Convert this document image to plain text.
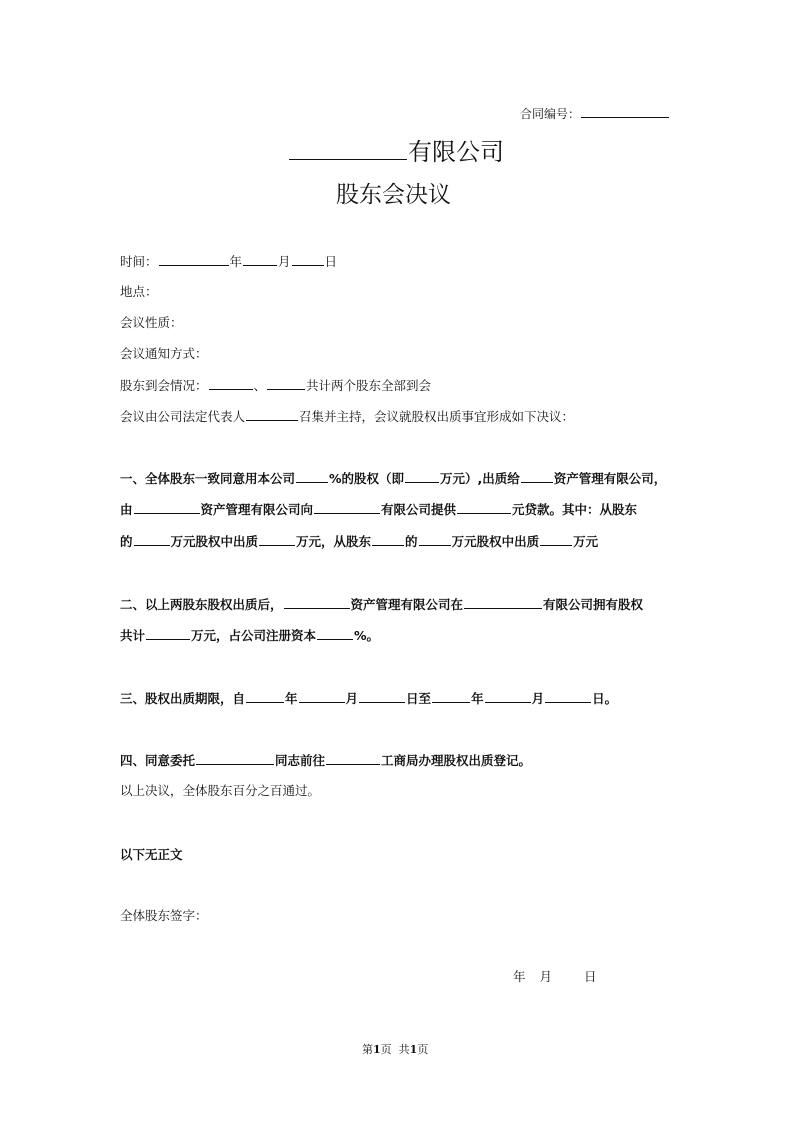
合同编号：
有限公司
股东会决议
时间：	年	月	日
地点：
会议性质：
会议通知方式：
股东到会情况：	、	共计两个股东全部到会
会议由公司法定代表人	召集并主持，会议就股权出质事宜形成如下决议：
一、全体股东一致同意用本公司	%的股权（即	万元）,出质给	资产管理有限公司，
由	资产管理有限公司向	有限公司提供	元贷款。其中：从股东
的	万元股权中出质	万元，从股东	的	万元股权中出质	万元
二、以上两股东股权出质后，	资产管理有限公司在	有限公司拥有股权
共计	万元，占公司注册资本	%。
三、股权出质期限，自	年	月	日至	年	月	日。
四、同意委托	同志前往	工商局办理股权出质登记。
以上决议，全体股东百分之百通过。
以下无正文
全体股东签字：
年 月	日
第1页  共1页
